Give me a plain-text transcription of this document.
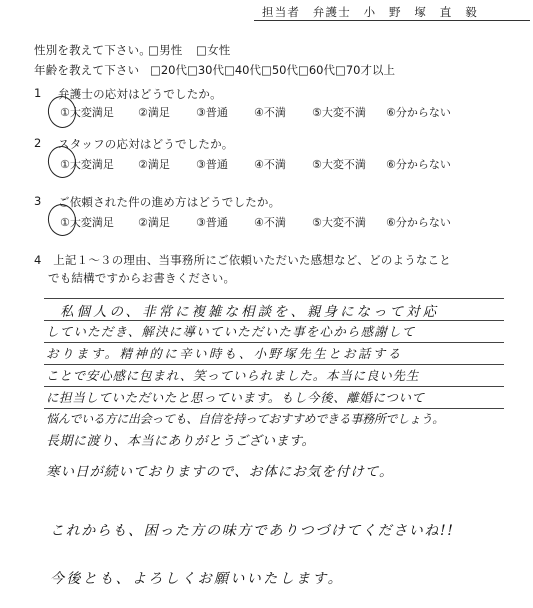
担当者　弁護士　小　野　塚　直　毅
性別を教えて下さい。
□男性 □女性
年齢を教えて下さい □20代□30代□40代□50代□60代□70才以上
1 弁護士の応対はどうでしたか。
①大変満足 ②満足 ③普通 ④不満 ⑤大変不満 ⑥分からない
2 スタッフの応対はどうでしたか。
①大変満足 ②満足 ③普通 ④不満 ⑤大変不満 ⑥分からない
3 ご依頼された件の進め方はどうでしたか。
①大変満足 ②満足 ③普通 ④不満 ⑤大変不満 ⑥分からない
4　上記１～３の理由、当事務所にご依頼いただいた感想など、どのようなこと
でも結構ですからお書きください。
私個人の、非常に複雑な相談を、親身になって対応
していただき、解決に導いていただいた事を心から感謝して
おります。精神的に辛い時も、小野塚先生とお話する
ことで安心感に包まれ、笑っていられました。本当に良い先生
に担当していただいたと思っています。もし今後、離婚について
悩んでいる方に出会っても、自信を持っておすすめできる事務所でしょう。
長期に渡り、本当にありがとうございます。
寒い日が続いておりますので、お体にお気を付けて。
これからも、困った方の味方でありつづけてくださいね!!
今後とも、よろしくお願いいたします。
